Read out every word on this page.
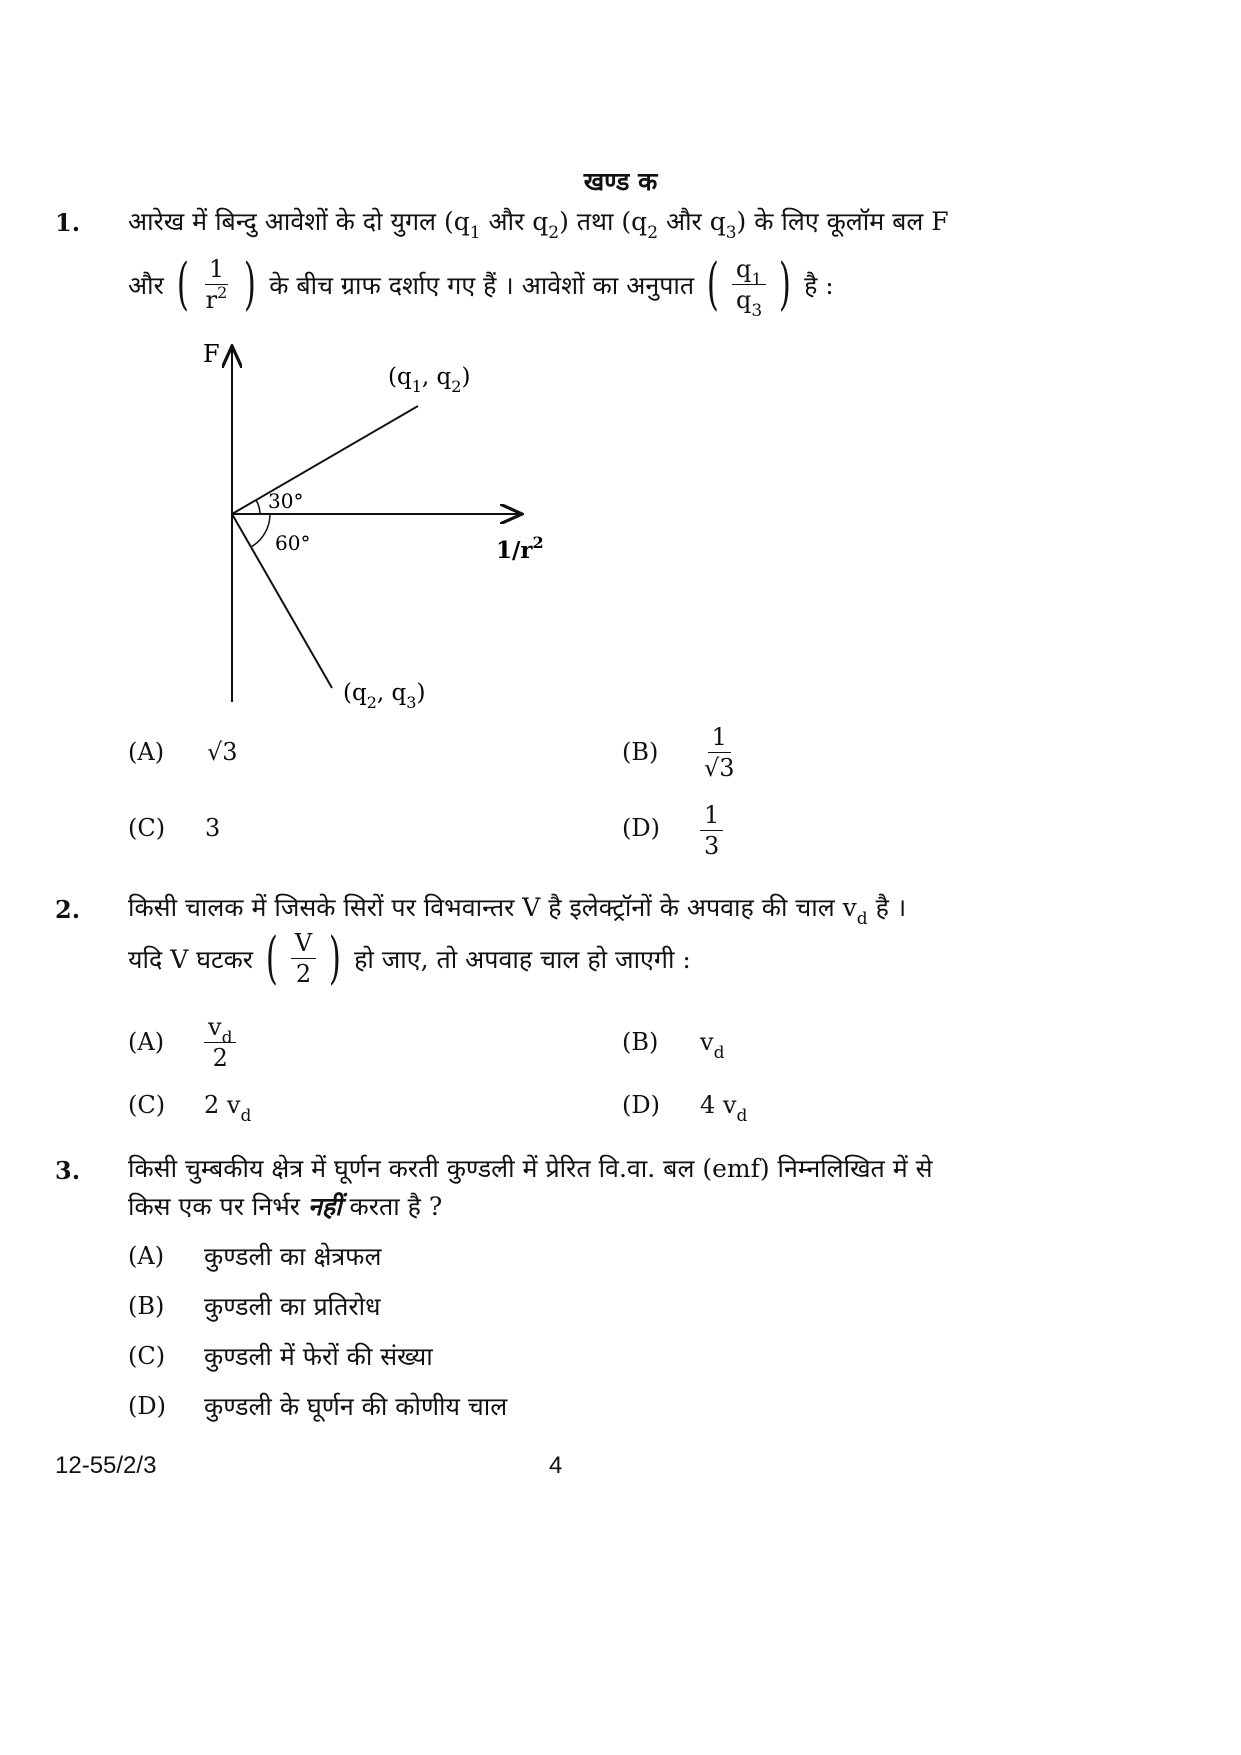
खण्ड क
1. आरेख में बिन्दु आवेशों के दो युगल ($q_1$ और $q_2$) तथा ($q_2$ और $q_3$) के लिए कूलॉम बल F
और ( $\frac{1}{r^2}$ ) के बीच ग्राफ दर्शाए गए हैं । आवेशों का अनुपात ( $\frac{q_1}{q_3}$ ) है :
F
$1/r^2$
30°
60°
($q_1$, $q_2$)
($q_2$, $q_3$)
(A) √3	$(B) \frac{1}{√3}$
(C) 3	$(D) \frac{1}{3}$
2. किसी चालक में जिसके सिरों पर विभवान्तर V है इलेक्ट्रॉनों के अपवाह की चाल $v_d$ है ।
यदि V घटकर ( $\frac{V}{2}$ ) हो जाए, तो अपवाह चाल हो जाएगी :
$(A) \frac{v_d}{2}$	(B) $v_d$
(C) 2 $v_d$	(D) 4 $v_d$
3. किसी चुम्बकीय क्षेत्र में घूर्णन करती कुण्डली में प्रेरित वि.वा. बल (emf) निम्नलिखित में से
किस एक पर निर्भर नहीं करता है ?
(A) कुण्डली का क्षेत्रफल
(B) कुण्डली का प्रतिरोध
(C) कुण्डली में फेरों की संख्या
(D) कुण्डली के घूर्णन की कोणीय चाल
12-55/2/3	4
